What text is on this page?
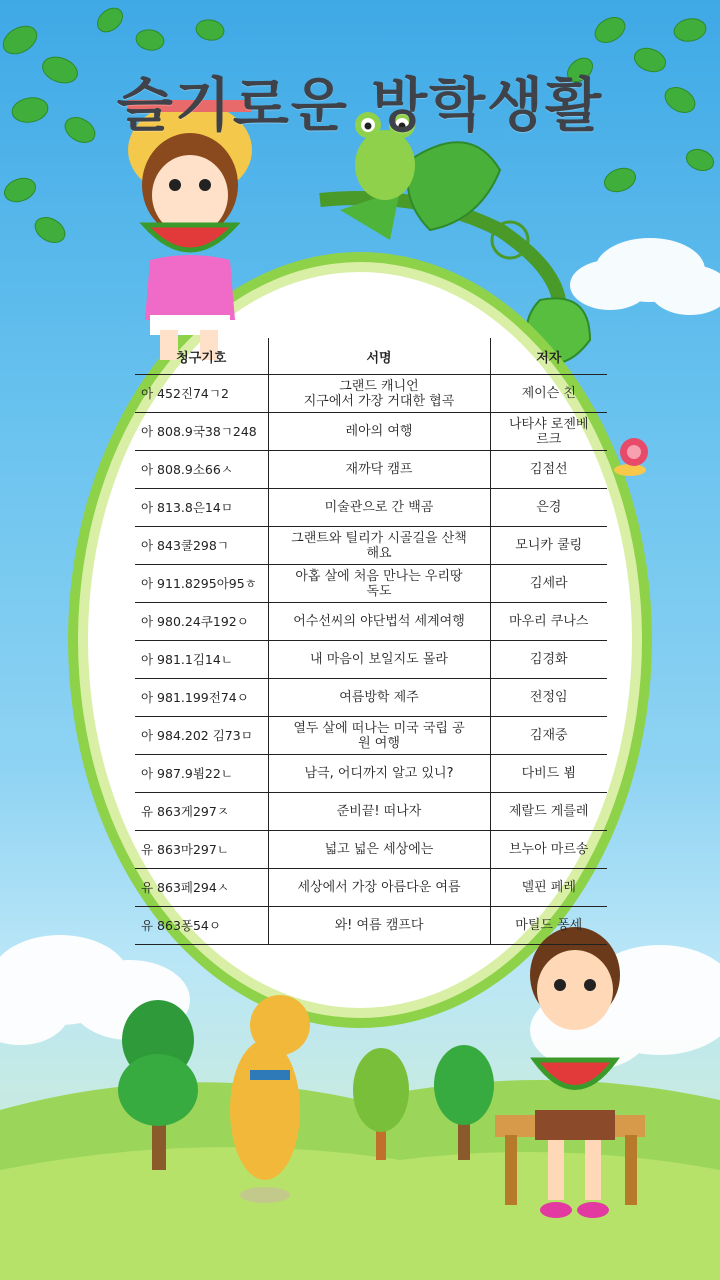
슬기로운 방학생활
청구기호	서명	저자
아 452진74ㄱ2	그랜드 캐니언
지구에서 가장 거대한 협곡	제이슨 친
아 808.9국38ㄱ248	레아의 여행	나타샤 로젠베
르크
아 808.9소66ㅅ	재까닥 캠프	김점선
아 813.8은14ㅁ	미술관으로 간 백곰	은경
아 843쿨298ㄱ	그랜트와 틸리가 시골길을 산책
해요	모니카 쿨링
아 911.8295아95ㅎ	아홉 살에 처음 만나는 우리땅
독도	김세라
아 980.24쿠192ㅇ	어수선씨의 야단법석 세계여행	마우리 쿠나스
아 981.1김14ㄴ	내 마음이 보일지도 몰라	김경화
아 981.199전74ㅇ	여름방학 제주	전정임
아 984.202 김73ㅁ	열두 살에 떠나는 미국 국립 공
원 여행	김재중
아 987.9뵘22ㄴ	남극, 어디까지 알고 있니?	다비드 뵘
유 863게297ㅈ	준비끝! 떠나자	제랄드 게를레
유 863마297ㄴ	넓고 넓은 세상에는	브누아 마르송
유 863페294ㅅ	세상에서 가장 아름다운 여름	델핀 페레
유 863퐁54ㅇ	와! 여름 캠프다	마틸드 퐁세
